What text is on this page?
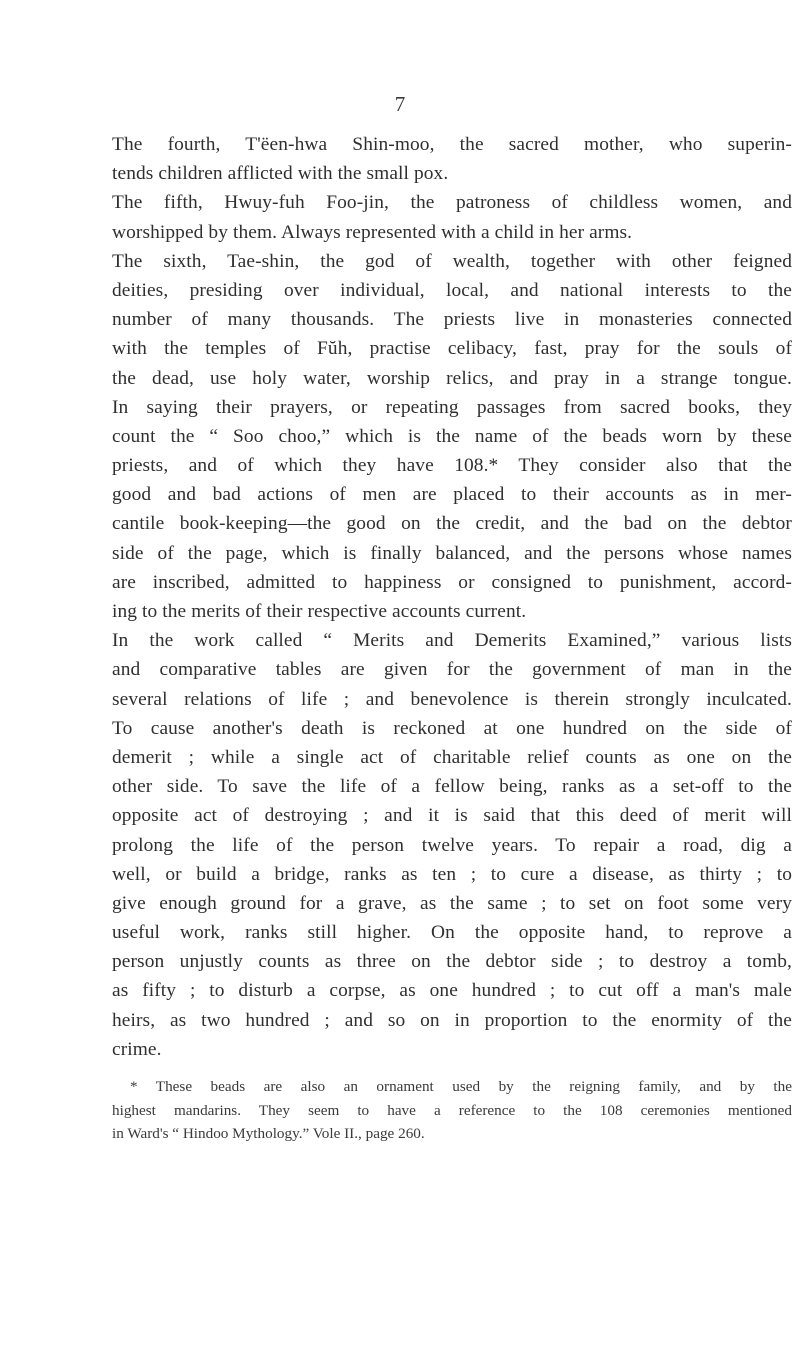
7
The fourth, T'ëen-hwa Shin-moo, the sacred mother, who superin-
tends children afflicted with the small pox.
The fifth, Hwuy-fuh Foo-jin, the patroness of childless women, and
worshipped by them. Always represented with a child in her arms.
The sixth, Tae-shin, the god of wealth, together with other feigned
deities, presiding over individual, local, and national interests to the
number of many thousands. The priests live in monasteries connected
with the temples of Fŭh, practise celibacy, fast, pray for the souls of
the dead, use holy water, worship relics, and pray in a strange tongue.
In saying their prayers, or repeating passages from sacred books, they
count the “ Soo choo,” which is the name of the beads worn by these
priests, and of which they have 108.* They consider also that the
good and bad actions of men are placed to their accounts as in mer-
cantile book-keeping—the good on the credit, and the bad on the debtor
side of the page, which is finally balanced, and the persons whose names
are inscribed, admitted to happiness or consigned to punishment, accord-
ing to the merits of their respective accounts current.
In the work called “ Merits and Demerits Examined,” various lists
and comparative tables are given for the government of man in the
several relations of life ; and benevolence is therein strongly inculcated.
To cause another's death is reckoned at one hundred on the side of
demerit ; while a single act of charitable relief counts as one on the
other side. To save the life of a fellow being, ranks as a set-off to the
opposite act of destroying ; and it is said that this deed of merit will
prolong the life of the person twelve years. To repair a road, dig a
well, or build a bridge, ranks as ten ; to cure a disease, as thirty ; to
give enough ground for a grave, as the same ; to set on foot some very
useful work, ranks still higher. On the opposite hand, to reprove a
person unjustly counts as three on the debtor side ; to destroy a tomb,
as fifty ; to disturb a corpse, as one hundred ; to cut off a man's male
heirs, as two hundred ; and so on in proportion to the enormity of the
crime.
* These beads are also an ornament used by the reigning family, and by the
highest mandarins. They seem to have a reference to the 108 ceremonies mentioned
in Ward's “ Hindoo Mythology.” Vole II., page 260.
